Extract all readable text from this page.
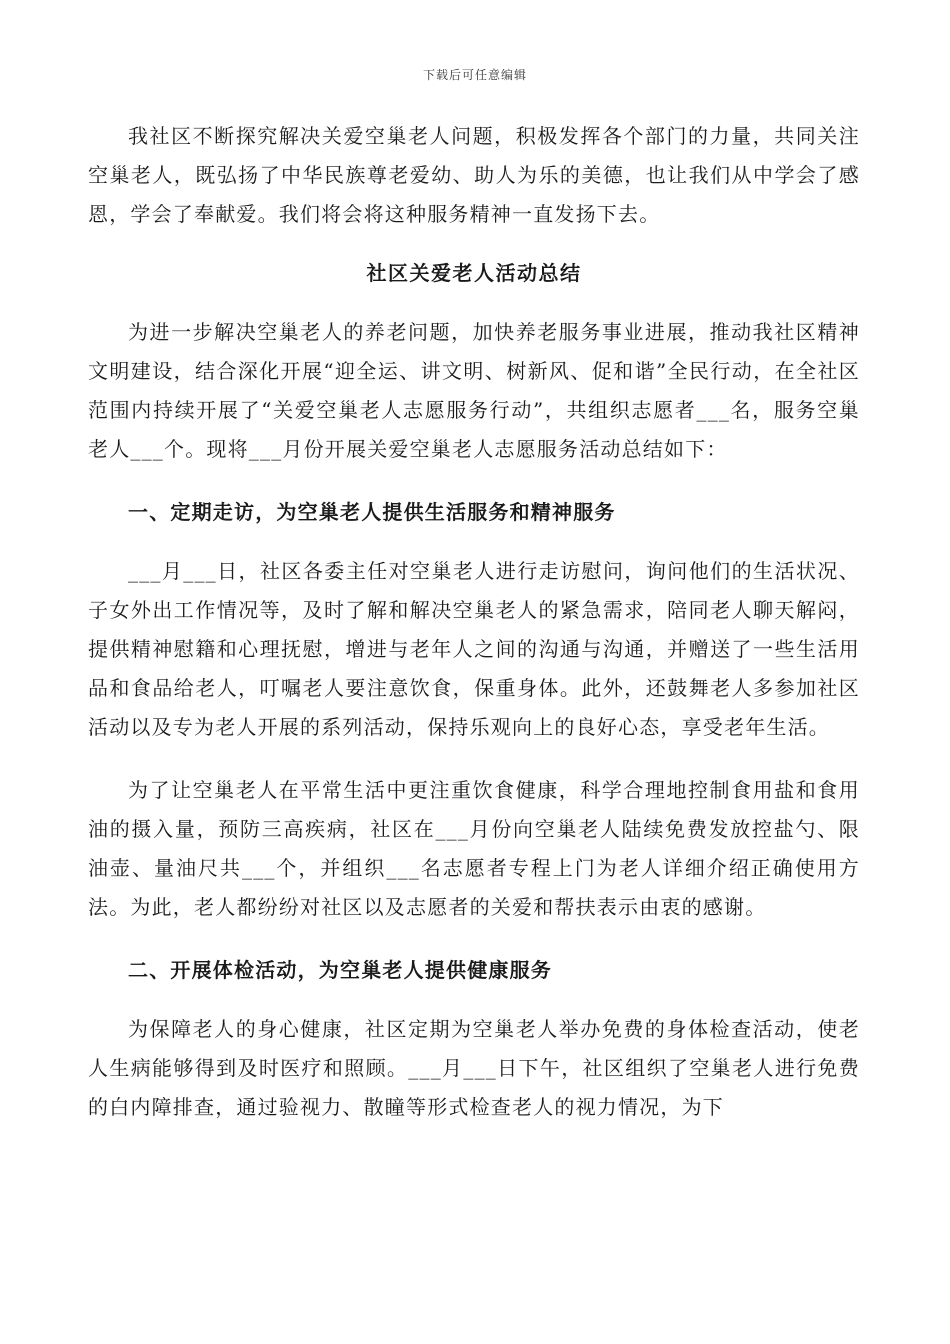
下载后可任意编辑

我社区不断探究解决关爱空巢老人问题，积极发挥各个部门的力量，共同关注空巢老人，既弘扬了中华民族尊老爱幼、助人为乐的美德，也让我们从中学会了感恩，学会了奉献爱。我们将会将这种服务精神一直发扬下去。

社区关爱老人活动总结

为进一步解决空巢老人的养老问题，加快养老服务事业进展，推动我社区精神文明建设，结合深化开展“迎全运、讲文明、树新风、促和谐”全民行动，在全社区范围内持续开展了“关爱空巢老人志愿服务行动”，共组织志愿者___名，服务空巢老人___个。现将___月份开展关爱空巢老人志愿服务活动总结如下：

一、定期走访，为空巢老人提供生活服务和精神服务

___月___日，社区各委主任对空巢老人进行走访慰问，询问他们的生活状况、子女外出工作情况等，及时了解和解决空巢老人的紧急需求，陪同老人聊天解闷，提供精神慰籍和心理抚慰，增进与老年人之间的沟通与沟通，并赠送了一些生活用品和食品给老人，叮嘱老人要注意饮食，保重身体。此外，还鼓舞老人多参加社区活动以及专为老人开展的系列活动，保持乐观向上的良好心态，享受老年生活。

为了让空巢老人在平常生活中更注重饮食健康，科学合理地控制食用盐和食用油的摄入量，预防三高疾病，社区在___月份向空巢老人陆续免费发放控盐勺、限油壶、量油尺共___个，并组织___名志愿者专程上门为老人详细介绍正确使用方法。为此，老人都纷纷对社区以及志愿者的关爱和帮扶表示由衷的感谢。

二、开展体检活动，为空巢老人提供健康服务

为保障老人的身心健康，社区定期为空巢老人举办免费的身体检查活动，使老人生病能够得到及时医疗和照顾。___月___日下午，社区组织了空巢老人进行免费的白内障排查，通过验视力、散瞳等形式检查老人的视力情况，为下
